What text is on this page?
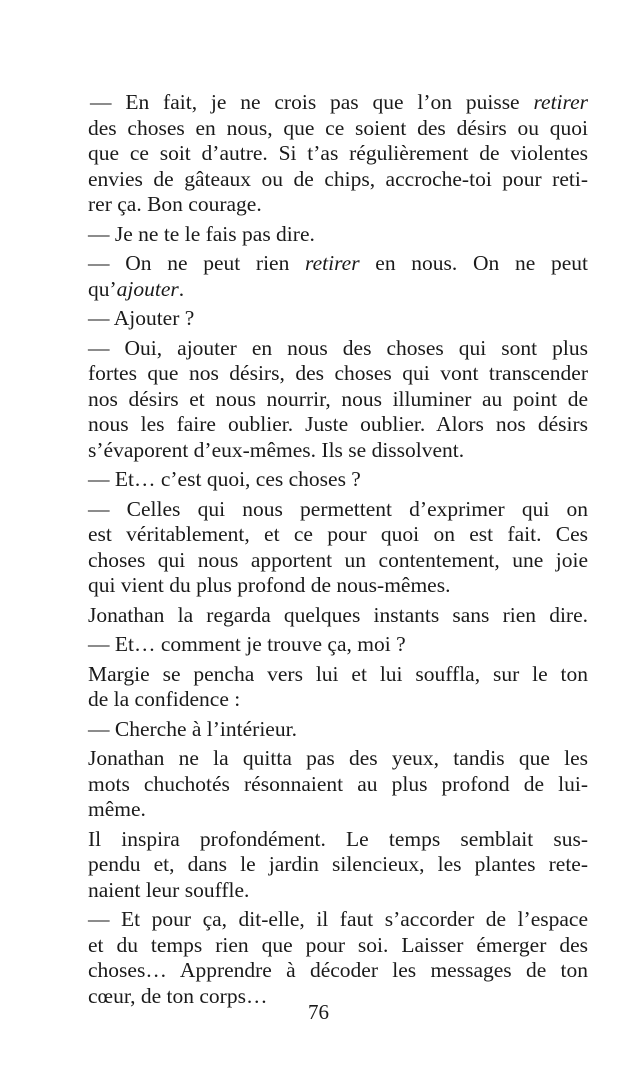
— En fait, je ne crois pas que l’on puisse retirer
des choses en nous, que ce soient des désirs ou quoi
que ce soit d’autre. Si t’as régulièrement de violentes
envies de gâteaux ou de chips, accroche-toi pour reti-
rer ça. Bon courage.
— Je ne te le fais pas dire.
— On ne peut rien retirer en nous. On ne peut
qu’ajouter.
— Ajouter ?
— Oui, ajouter en nous des choses qui sont plus
fortes que nos désirs, des choses qui vont transcender
nos désirs et nous nourrir, nous illuminer au point de
nous les faire oublier. Juste oublier. Alors nos désirs
s’évaporent d’eux-mêmes. Ils se dissolvent.
— Et… c’est quoi, ces choses ?
— Celles qui nous permettent d’exprimer qui on
est véritablement, et ce pour quoi on est fait. Ces
choses qui nous apportent un contentement, une joie
qui vient du plus profond de nous-mêmes.
Jonathan la regarda quelques instants sans rien dire.
— Et… comment je trouve ça, moi ?
Margie se pencha vers lui et lui souffla, sur le ton
de la confidence :
— Cherche à l’intérieur.
Jonathan ne la quitta pas des yeux, tandis que les
mots chuchotés résonnaient au plus profond de lui-
même.
Il inspira profondément. Le temps semblait sus-
pendu et, dans le jardin silencieux, les plantes rete-
naient leur souffle.
— Et pour ça, dit-elle, il faut s’accorder de l’espace
et du temps rien que pour soi. Laisser émerger des
choses… Apprendre à décoder les messages de ton
cœur, de ton corps…
76
